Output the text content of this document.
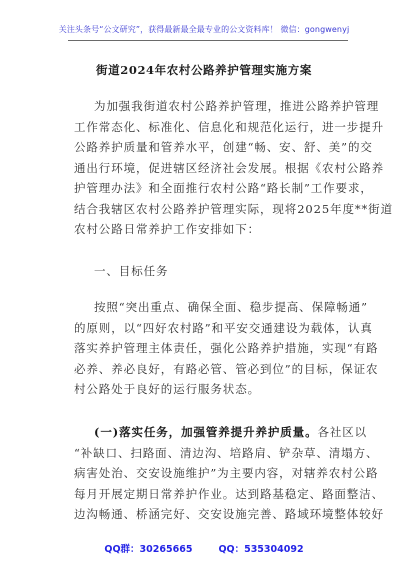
关注头条号“公文研究”，获得最新最全最专业的公文资料库！ 微信：gongwenyj
街道2024年农村公路养护管理实施方案
为加强我街道农村公路养护管理，推进公路养护管理
工作常态化、标准化、信息化和规范化运行，进一步提升
公路养护质量和管养水平，创建“畅、安、舒、美”的交
通出行环境，促进辖区经济社会发展。根据《农村公路养
护管理办法》和全面推行农村公路“路长制”工作要求，
结合我辖区农村公路养护管理实际，现将2025年度**街道
农村公路日常养护工作安排如下：
一、目标任务
按照“突出重点、确保全面、稳步提高、保障畅通”
的原则，以“四好农村路”和平安交通建设为载体，认真
落实养护管理主体责任，强化公路养护措施，实现“有路
必养、养必良好，有路必管、管必到位”的目标，保证农
村公路处于良好的运行服务状态。
(一)落实任务，加强管养提升养护质量。各社区以
“补缺口、扫路面、清边沟、培路肩、铲杂草、清塌方、
病害处治、交安设施维护”为主要内容，对辖养农村公路
每月开展定期日常养护作业。达到路基稳定、路面整洁、
边沟畅通、桥涵完好、交安设施完善、路域环境整体较好
QQ群：30265665	QQ：535304092
